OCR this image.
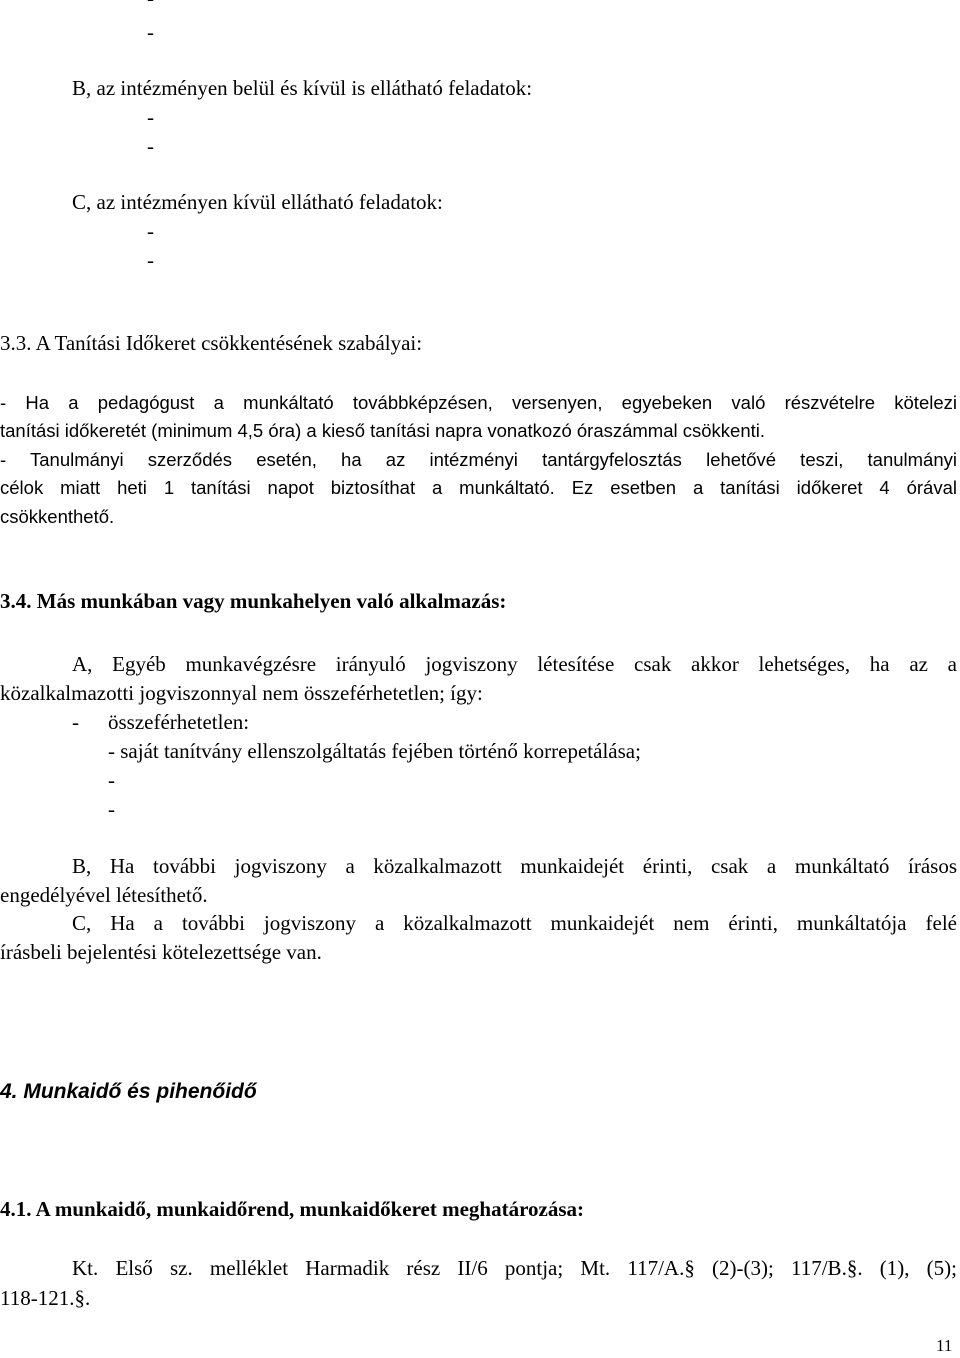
-
B, az intézményen belül és kívül is ellátható feladatok:
-
-
C, az intézményen kívül ellátható feladatok:
-
-
3.3. A Tanítási Időkeret csökkentésének szabályai:
- Ha a pedagógust a munkáltató továbbképzésen, versenyen, egyebeken való részvételre kötelezi
tanítási időkeretét (minimum 4,5 óra) a kieső tanítási napra vonatkozó óraszámmal csökkenti.
- Tanulmányi szerződés esetén, ha az intézményi tantárgyfelosztás lehetővé teszi, tanulmányi
célok miatt heti 1 tanítási napot biztosíthat a munkáltató. Ez esetben a tanítási időkeret 4 órával
csökkenthető.
3.4. Más munkában vagy munkahelyen való alkalmazás:
A, Egyéb munkavégzésre irányuló jogviszony létesítése csak akkor lehetséges, ha az a
közalkalmazotti jogviszonnyal nem összeférhetetlen; így:
- összeférhetetlen:
- saját tanítvány ellenszolgáltatás fejében történő korrepetálása;
-
-
B, Ha további jogviszony a közalkalmazott munkaidejét érinti, csak a munkáltató írásos
engedélyével létesíthető.
C, Ha a további jogviszony a közalkalmazott munkaidejét nem érinti, munkáltatója felé
írásbeli bejelentési kötelezettsége van.
4. Munkaidő és pihenőidő
4.1. A munkaidő, munkaidőrend, munkaidőkeret meghatározása:
Kt. Első sz. melléklet Harmadik rész II/6 pontja; Mt. 117/A.§ (2)-(3); 117/B.§. (1), (5);
118-121.§.
11
